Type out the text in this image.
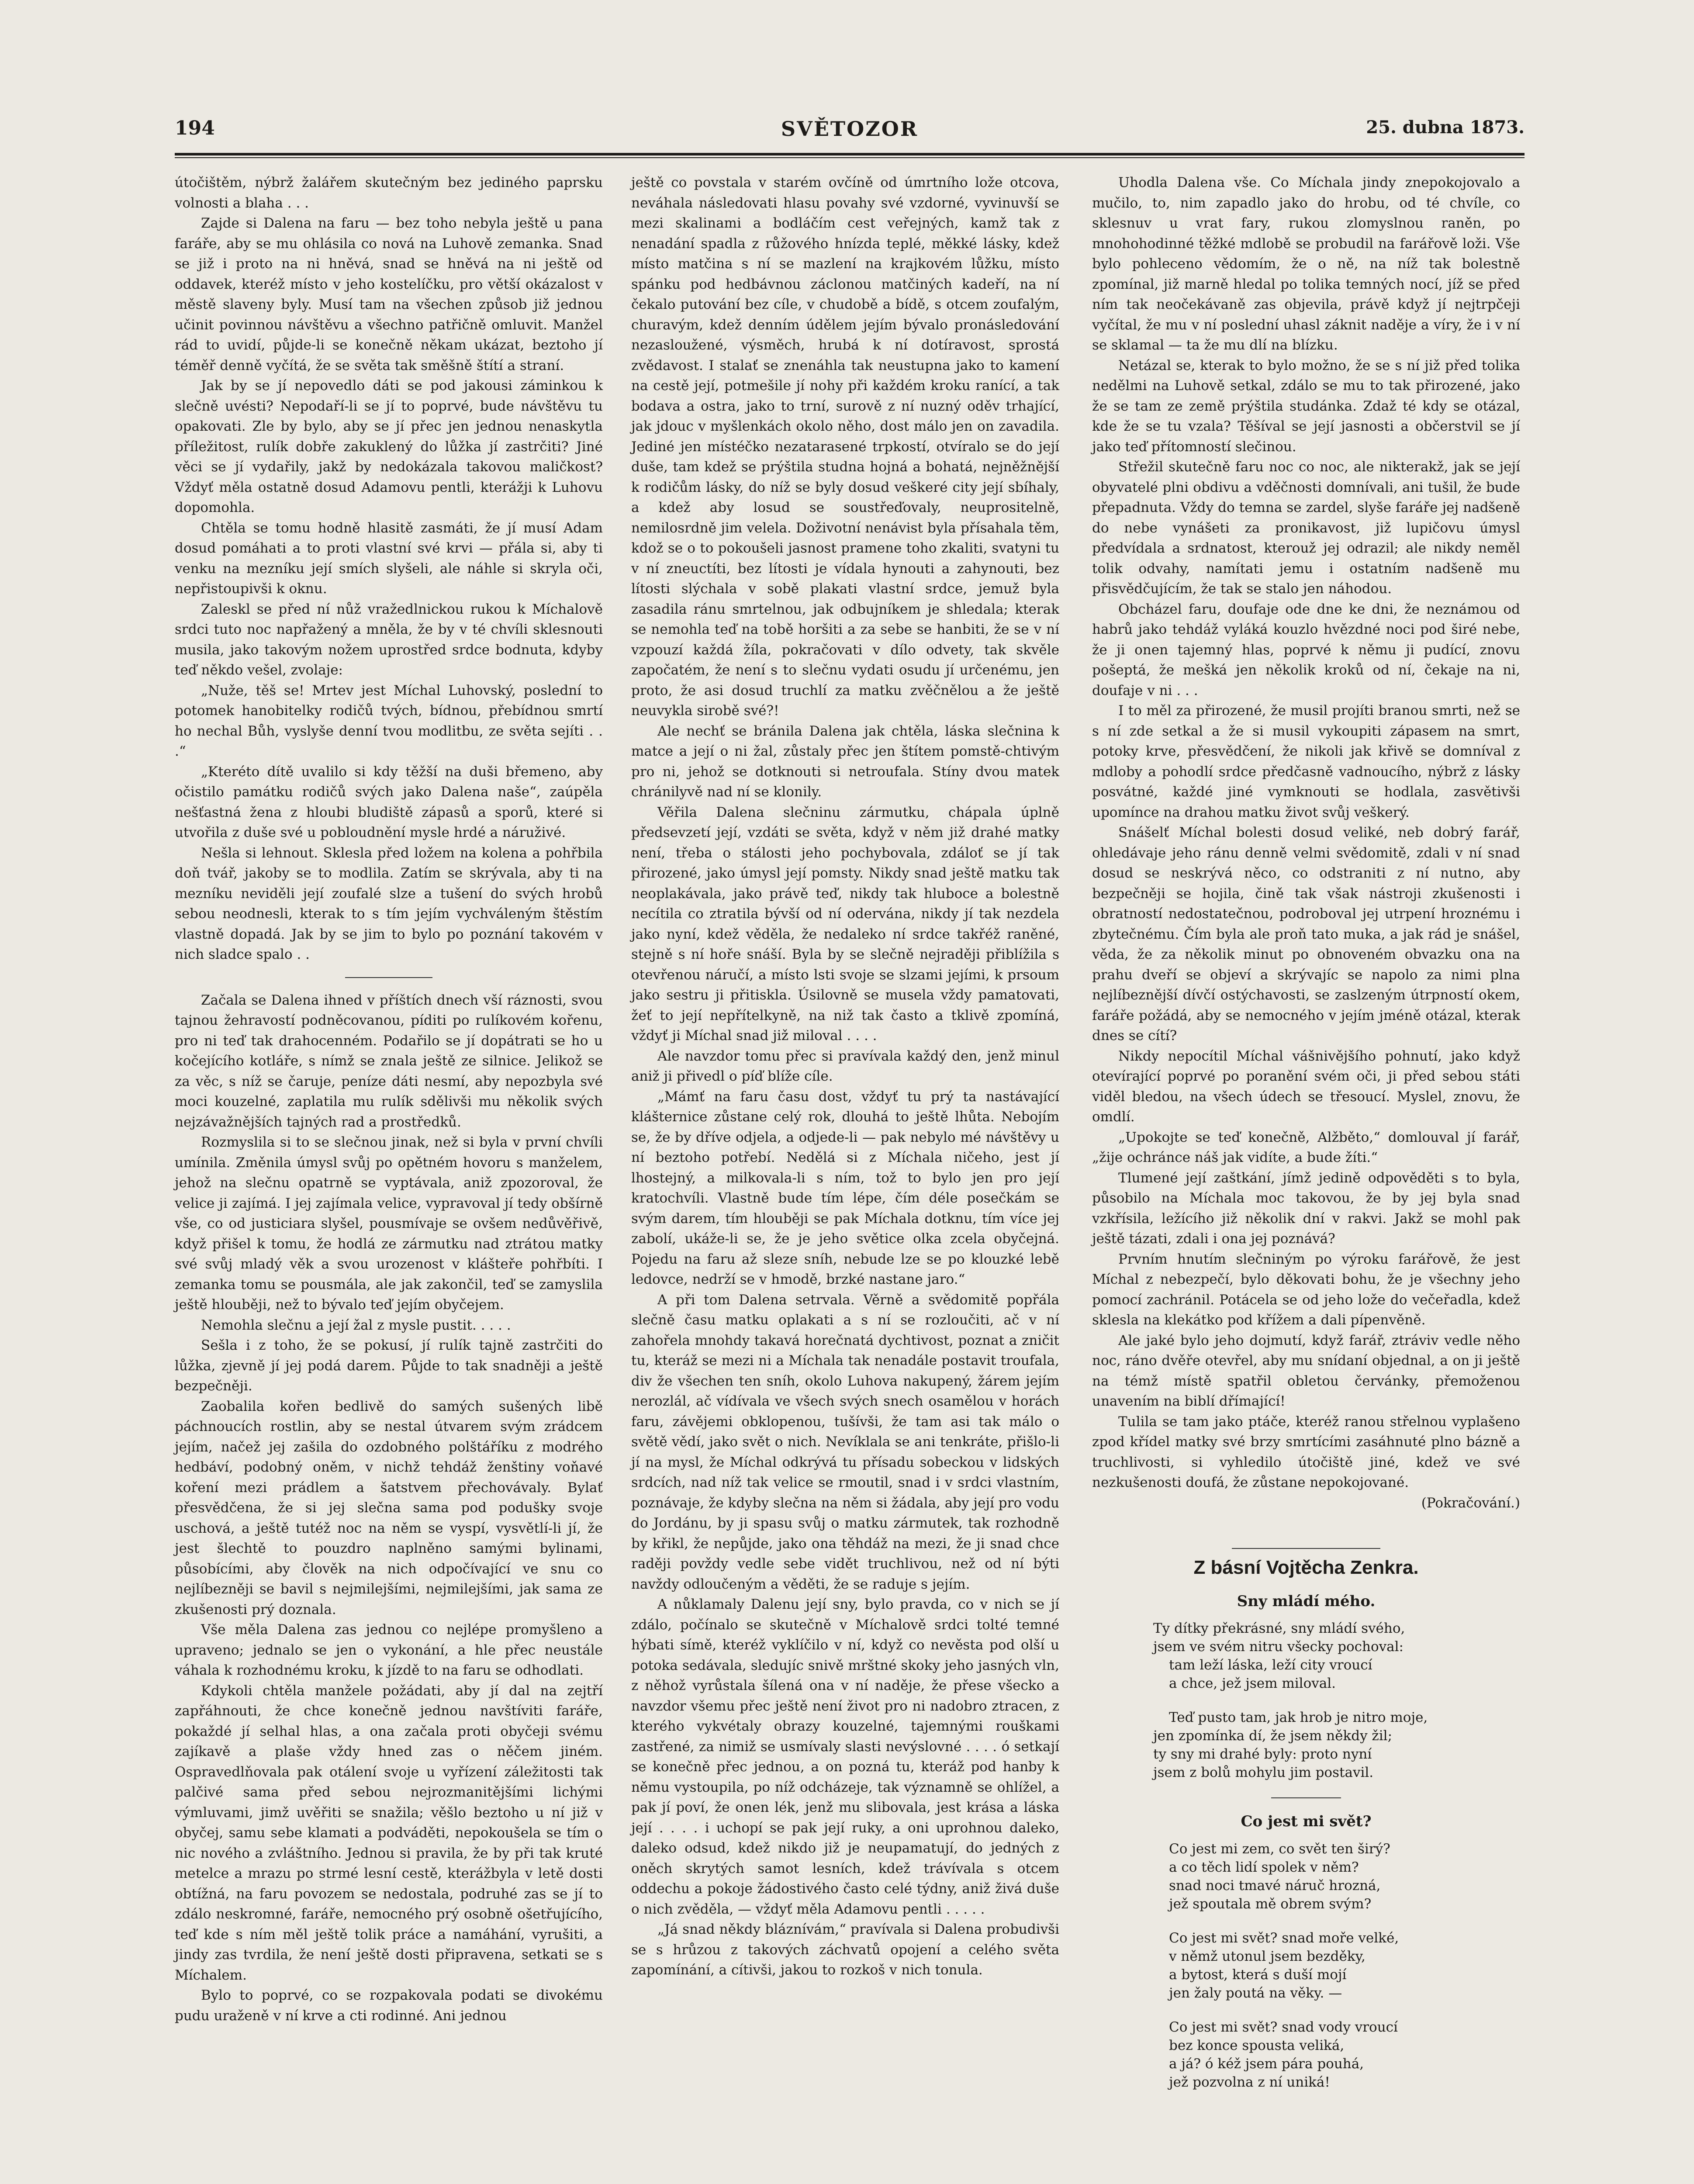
194	SVĚTOZOR	25. dubna 1873.

útočištěm, nýbrž žalářem skutečným bez jediného paprsku volnosti a blaha . . .

Zajde si Dalena na faru — bez toho nebyla ještě u pana faráře, aby se mu ohlásila co nová na Luhově zemanka. Snad se již i proto na ni hněvá, snad se hněvá na ni ještě od oddavek, kteréž místo v jeho kostelíčku, pro větší okázalost v městě slaveny byly. Musí tam na všechen způsob již jednou učinit povinnou návštěvu a všechno patřičně omluvit. Manžel rád to uvidí, půjde-li se konečně někam ukázat, beztoho jí téměř denně vyčítá, že se světa tak směšně štítí a straní.

Jak by se jí nepovedlo dáti se pod jakousi záminkou k slečně uvésti? Nepodaří-li se jí to poprvé, bude návštěvu tu opakovati. Zle by bylo, aby se jí přec jen jednou nenaskytla příležitost, rulík dobře zakuklený do lůžka jí zastrčiti? Jiné věci se jí vydařily, jakž by nedokázala takovou maličkost? Vždyť měla ostatně dosud Adamovu pentli, kterážji k Luhovu dopomohla.

Chtěla se tomu hodně hlasitě zasmáti, že jí musí Adam dosud pomáhati a to proti vlastní své krvi — přála si, aby ti venku na mezníku její smích slyšeli, ale náhle si skryla oči, nepřistoupivši k oknu.

Zaleskl se před ní nůž vražedlnickou rukou k Míchalově srdci tuto noc napřažený a mněla, že by v té chvíli sklesnouti musila, jako takovým nožem uprostřed srdce bodnuta, kdyby teď někdo vešel, zvolaje:

„Nuže, těš se! Mrtev jest Míchal Luhovský, poslední to potomek hanobitelky rodičů tvých, bídnou, přebídnou smrtí ho nechal Bůh, vyslyše denní tvou modlitbu, ze světa sejíti . . .“

„Kteréto dítě uvalilo si kdy těžší na duši břemeno, aby očistilo památku rodičů svých jako Dalena naše“, zaúpěla nešťastná žena z hloubi bludiště zápasů a sporů, které si utvořila z duše své u pobloudnění mysle hrdé a náruživé.

Nešla si lehnout. Sklesla před ložem na kolena a pohřbila doň tvář, jakoby se to modlila. Zatím se skrývala, aby ti na mezníku neviděli její zoufalé slze a tušení do svých hrobů sebou neodnesli, kterak to s tím jejím vychváleným štěstím vlastně dopadá. Jak by se jim to bylo po poznání takovém v nich sladce spalo . .

Začala se Dalena ihned v příštích dnech vší ráznosti, svou tajnou žehravostí podněcovanou, píditi po rulíkovém kořenu, pro ni teď tak drahocenném. Podařilo se jí dopátrati se ho u kočejícího kotláře, s nímž se znala ještě ze silnice. Jelikož se za věc, s níž se čaruje, peníze dáti nesmí, aby nepozbyla své moci kouzelné, zaplatila mu rulík sdělivši mu několik svých nejzávažnějších tajných rad a prostředků.

Rozmyslila si to se slečnou jinak, než si byla v první chvíli umínila. Změnila úmysl svůj po opětném hovoru s manželem, jehož na slečnu opatrně se vyptávala, aniž zpozoroval, že velice ji zajímá. I jej zajímala velice, vypravoval jí tedy obšírně vše, co od justiciara slyšel, pousmívaje se ovšem nedůvěřivě, když přišel k tomu, že hodlá ze zármutku nad ztrátou matky své svůj mladý věk a svou urozenost v klášteře pohřbíti. I zemanka tomu se pousmála, ale jak zakončil, teď se zamyslila ještě hlouběji, než to bývalo teď jejím obyčejem.

Nemohla slečnu a její žal z mysle pustit. . . . .

Sešla i z toho, že se pokusí, jí rulík tajně zastrčiti do lůžka, zjevně jí jej podá darem. Půjde to tak snadněji a ještě bezpečněji.

Zaobalila kořen bedlivě do samých sušených libě páchnoucích rostlin, aby se nestal útvarem svým zrádcem jejím, načež jej zašila do ozdobného polštáříku z modrého hedbáví, podobný oněm, v nichž tehdáž ženštiny voňavé koření mezi prádlem a šatstvem přechovávaly. Bylať přesvědčena, že si jej slečna sama pod podušky svoje uschová, a ještě tutéž noc na něm se vyspí, vysvětlí-li jí, že jest šlechtě to pouzdro naplněno samými bylinami, působícími, aby člověk na nich odpočívající ve snu co nejlíbezněji se bavil s nejmilejšími, nejmilejšími, jak sama ze zkušenosti prý doznala.

Vše měla Dalena zas jednou co nejlépe promyšleno a upraveno; jednalo se jen o vykonání, a hle přec neustále váhala k rozhodnému kroku, k jízdě to na faru se odhodlati.

Kdykoli chtěla manžele požádati, aby jí dal na zejtří zapřáhnouti, že chce konečně jednou navštíviti faráře, pokaždé jí selhal hlas, a ona začala proti obyčeji svému zajíkavě a plaše vždy hned zas o něčem jiném. Ospravedlňovala pak otálení svoje u vyřízení záležitosti tak palčivé sama před sebou nejrozmanitějšími lichými výmluvami, jimž uvěřiti se snažila; věšlo beztoho u ní již v obyčej, samu sebe klamati a podváděti, nepokoušela se tím o nic nového a zvláštního. Jednou si pravila, že by při tak kruté metelce a mrazu po strmé lesní cestě, kterážbyla v letě dosti obtížná, na faru povozem se nedostala, podruhé zas se jí to zdálo neskromné, faráře, nemocného prý osobně ošetřujícího, teď kde s ním měl ještě tolik práce a namáhání, vyrušiti, a jindy zas tvrdila, že není ještě dosti připravena, setkati se s Míchalem.

Bylo to poprvé, co se rozpakovala podati se divokému pudu uraženě v ní krve a cti rodinné. Ani jednou

ještě co povstala v starém ovčíně od úmrtního lože otcova, neváhala následovati hlasu povahy své vzdorné, vyvinuvší se mezi skalinami a bodláčím cest veřejných, kamž tak z nenadání spadla z růžového hnízda teplé, měkké lásky, kdež místo matčina s ní se mazlení na krajkovém lůžku, místo spánku pod hedbávnou záclonou matčiných kadeří, na ní čekalo putování bez cíle, v chudobě a bídě, s otcem zoufalým, churavým, kdež denním údělem jejím bývalo pronásledování nezasloužené, výsměch, hrubá k ní dotíravost, sprostá zvědavost. I stalať se znenáhla tak neustupna jako to kamení na cestě její, potmešile jí nohy při každém kroku ranící, a tak bodava a ostra, jako to trní, surově z ní nuzný oděv trhající, jak jdouc v myšlenkách okolo něho, dost málo jen on zavadila. Jediné jen místéčko nezatarasené trpkostí, otvíralo se do její duše, tam kdež se prýštila studna hojná a bohatá, nejněžnější k rodičům lásky, do níž se byly dosud veškeré city její sbíhaly, a kdež aby losud se soustřeďovaly, neuprositelně, nemilosrdně jim velela. Doživotní nenávist byla přísahala těm, kdož se o to pokoušeli jasnost pramene toho zkaliti, svatyni tu v ní zneuctíti, bez lítosti je vídala hynouti a zahynouti, bez lítosti slýchala v sobě plakati vlastní srdce, jemuž byla zasadila ránu smrtelnou, jak odbujníkem je shledala; kterak se nemohla teď na tobě horšiti a za sebe se hanbiti, že se v ní vzpouzí každá žíla, pokračovati v dílo odvety, tak skvěle započatém, že není s to slečnu vydati osudu jí určenému, jen proto, že asi dosud truchlí za matku zvěčnělou a že ještě neuvykla sirobě své?!

Ale nechť se bránila Dalena jak chtěla, láska slečnina k matce a její o ni žal, zůstaly přec jen štítem pomstě-chtivým pro ni, jehož se dotknouti si netroufala. Stíny dvou matek chránilyvě nad ní se klonily.

Věřila Dalena slečninu zármutku, chápala úplně předsevzetí její, vzdáti se světa, když v něm již drahé matky není, třeba o stálosti jeho pochybovala, zdáloť se jí tak přirozené, jako úmysl její pomsty. Nikdy snad ještě matku tak neoplakávala, jako právě teď, nikdy tak hluboce a bolestně necítila co ztratila bývší od ní odervána, nikdy jí tak nezdela jako nyní, kdež věděla, že nedaleko ní srdce takřéž raněné, stejně s ní hoře snáší. Byla by se slečně nejraději přiblížila s otevřenou náručí, a místo lsti svoje se slzami jejími, k prsoum jako sestru ji přitiskla. Úsilovně se musela vždy pamatovati, žeť to její nepřítelkyně, na niž tak často a tklivě zpomíná, vždyť ji Míchal snad již miloval . . . .

Ale navzdor tomu přec si pravívala každý den, jenž minul aniž ji přivedl o píď blíže cíle.

„Mámť na faru času dost, vždyť tu prý ta nastávající klášternice zůstane celý rok, dlouhá to ještě lhůta. Nebojím se, že by dříve odjela, a odjede-li — pak nebylo mé návštěvy u ní beztoho potřebí. Nedělá si z Míchala ničeho, jest jí lhostejný, a milkovala-li s ním, tož to bylo jen pro její kratochvíli. Vlastně bude tím lépe, čím déle posečkám se svým darem, tím hlouběji se pak Míchala dotknu, tím více jej zabolí, ukáže-li se, že je jeho světice olka zcela obyčejná. Pojedu na faru až sleze sníh, nebude lze se po klouzké lebě ledovce, nedrží se v hmodě, brzké nastane jaro.“

A při tom Dalena setrvala. Věrně a svědomitě popřála slečně času matku oplakati a s ní se rozloučiti, ač v ní zahořela mnohdy takavá horečnatá dychtivost, poznat a zničit tu, kteráž se mezi ni a Míchala tak nenadále postavit troufala, div že všechen ten sníh, okolo Luhova nakupený, žárem jejím nerozlál, ač vídívala ve všech svých snech osamělou v horách faru, závějemi obklopenou, tušívši, že tam asi tak málo o světě vědí, jako svět o nich. Nevíklala se ani tenkráte, přišlo-li jí na mysl, že Míchal odkrývá tu přísadu sobeckou v lidských srdcích, nad níž tak velice se rmoutil, snad i v srdci vlastním, poznávaje, že kdyby slečna na něm si žádala, aby její pro vodu do Jordánu, by ji spasu svůj o matku zármutek, tak rozhodně by křikl, že nepůjde, jako ona těhdáž na mezi, že ji snad chce raději povždy vedle sebe vidět truchlivou, než od ní býti navždy odloučeným a věděti, že se raduje s jejím.

A nůklamaly Dalenu její sny, bylo pravda, co v nich se jí zdálo, počínalo se skutečně v Míchalově srdci tolté temné hýbati símě, kteréž vyklíčilo v ní, když co nevěsta pod olší u potoka sedávala, sledujíc snivě mrštné skoky jeho jasných vln, z něhož vyrůstala šílená ona v ní naděje, že přese všecko a navzdor všemu přec ještě není život pro ni nadobro ztracen, z kterého vykvétaly obrazy kouzelné, tajemnými rouškami zastřené, za nimiž se usmívaly slasti nevýslovné . . . . ó setkají se konečně přec jednou, a on pozná tu, kteráž pod hanby k němu vystoupila, po níž odcházeje, tak významně se ohlížel, a pak jí poví, že onen lék, jenž mu slibovala, jest krása a láska její . . . . i uchopí se pak její ruky, a oni uprohnou daleko, daleko odsud, kdež nikdo již je neupamatují, do jedných z oněch skrytých samot lesních, kdež trávívala s otcem oddechu a pokoje žádostivého často celé týdny, aniž živá duše o nich zvěděla, — vždyť měla Adamovu pentli . . . . .

„Já snad někdy bláznívám,“ pravívala si Dalena probudivši se s hrůzou z takových záchvatů opojení a celého světa zapomínání, a cítivši, jakou to rozkoš v nich tonula.

Uhodla Dalena vše. Co Míchala jindy znepokojovalo a mučilo, to, nim zapadlo jako do hrobu, od té chvíle, co sklesnuv u vrat fary, rukou zlomyslnou raněn, po mnohohodinné těžké mdlobě se probudil na farářově loži. Vše bylo pohleceno vědomím, že o ně, na níž tak bolestně zpomínal, již marně hledal po tolika temných nocí, jíž se před ním tak neočekávaně zas objevila, právě když jí nejtrpčeji vyčítal, že mu v ní poslední uhasl záknit naděje a víry, že i v ní se sklamal — ta že mu dlí na blízku.

Netázal se, kterak to bylo možno, že se s ní již před tolika nedělmi na Luhově setkal, zdálo se mu to tak přirozené, jako že se tam ze země prýštila studánka. Zdaž té kdy se otázal, kde že se tu vzala? Těšíval se její jasnosti a občerstvil se jí jako teď přítomností slečinou.

Střežil skutečně faru noc co noc, ale nikterakž, jak se její obyvatelé plni obdivu a vděčnosti domnívali, ani tušil, že bude přepadnuta. Vždy do temna se zardel, slyše faráře jej nadšeně do nebe vynášeti za pronikavost, již lupičovu úmysl předvídala a srdnatost, kterouž jej odrazil; ale nikdy neměl tolik odvahy, namítati jemu i ostatním nadšeně mu přisvědčujícím, že tak se stalo jen náhodou.

Obcházel faru, doufaje ode dne ke dni, že neznámou od habrů jako tehdáž vyláká kouzlo hvězdné noci pod širé nebe, že ji onen tajemný hlas, poprvé k němu ji pudící, znovu pošeptá, že mešká jen několik kroků od ní, čekaje na ni, doufaje v ni . . .

I to měl za přirozené, že musil projíti branou smrti, než se s ní zde setkal a že si musil vykoupiti zápasem na smrt, potoky krve, přesvědčení, že nikoli jak křivě se domníval z mdloby a pohodlí srdce předčasně vadnoucího, nýbrž z lásky posvátné, každé jiné vymknouti se hodlala, zasvětivši upomínce na drahou matku život svůj veškerý.

Snášelť Míchal bolesti dosud veliké, neb dobrý farář, ohledávaje jeho ránu denně velmi svědomitě, zdali v ní snad dosud se neskrývá něco, co odstraniti z ní nutno, aby bezpečněji se hojila, čině tak však nástroji zkušenosti i obratností nedostatečnou, podroboval jej utrpení hroznému i zbytečnému. Čím byla ale proň tato muka, a jak rád je snášel, věda, že za několik minut po obnoveném obvazku ona na prahu dveří se objeví a skrývajíc se napolo za nimi plna nejlíbeznější dívčí ostýchavosti, se zaslzeným útrpností okem, faráře požádá, aby se nemocného v jejím jméně otázal, kterak dnes se cítí?

Nikdy nepocítil Míchal vášnivějšího pohnutí, jako když otevírající poprvé po poranění svém oči, ji před sebou státi viděl bledou, na všech údech se třesoucí. Myslel, znovu, že omdlí.

„Upokojte se teď konečně, Alžběto,“ domlouval jí farář, „žije ochránce náš jak vidíte, a bude žíti.“

Tlumené její zaštkání, jímž jedině odpověděti s to byla, působilo na Míchala moc takovou, že by jej byla snad vzkřísila, ležícího již několik dní v rakvi. Jakž se mohl pak ještě tázati, zdali i ona jej poznává?

Prvním hnutím slečniným po výroku farářově, že jest Míchal z nebezpečí, bylo děkovati bohu, že je všechny jeho pomocí zachránil. Potácela se od jeho lože do večeřadla, kdež sklesla na klekátko pod křížem a dali pípenvěně.

Ale jaké bylo jeho dojmutí, když farář, ztráviv vedle něho noc, ráno dvěře otevřel, aby mu snídaní objednal, a on ji ještě na témž místě spatřil obletou červánky, přemoženou unavením na biblí dřímající!

Tulila se tam jako ptáče, kteréž ranou střelnou vyplašeno zpod křídel matky své brzy smrtícími zasáhnuté plno bázně a truchlivosti, si vyhledilo útočiště jiné, kdež ve své nezkušenosti doufá, že zůstane nepokojované.

(Pokračování.)

Z básní Vojtěcha Zenkra.
Sny mládí mého.
Ty dítky překrásné, sny mládí svého,
jsem ve svém nitru všecky pochoval:
tam leží láska, leží city vroucí
a chce, jež jsem miloval.
Teď pusto tam, jak hrob je nitro moje,
jen zpomínka dí, že jsem někdy žil;
ty sny mi drahé byly: proto nyní
jsem z bolů mohylu jim postavil.
Co jest mi svět?
Co jest mi zem, co svět ten širý?
a co těch lidí spolek v něm?
snad noci tmavé náruč hrozná,
jež spoutala mě obrem svým?
Co jest mi svět? snad moře velké,
v němž utonul jsem bezděky,
a bytost, která s duší mojí
jen žaly poutá na věky. —
Co jest mi svět? snad vody vroucí
bez konce spousta veliká,
a já? ó kéž jsem pára pouhá,
jež pozvolna z ní uniká!
